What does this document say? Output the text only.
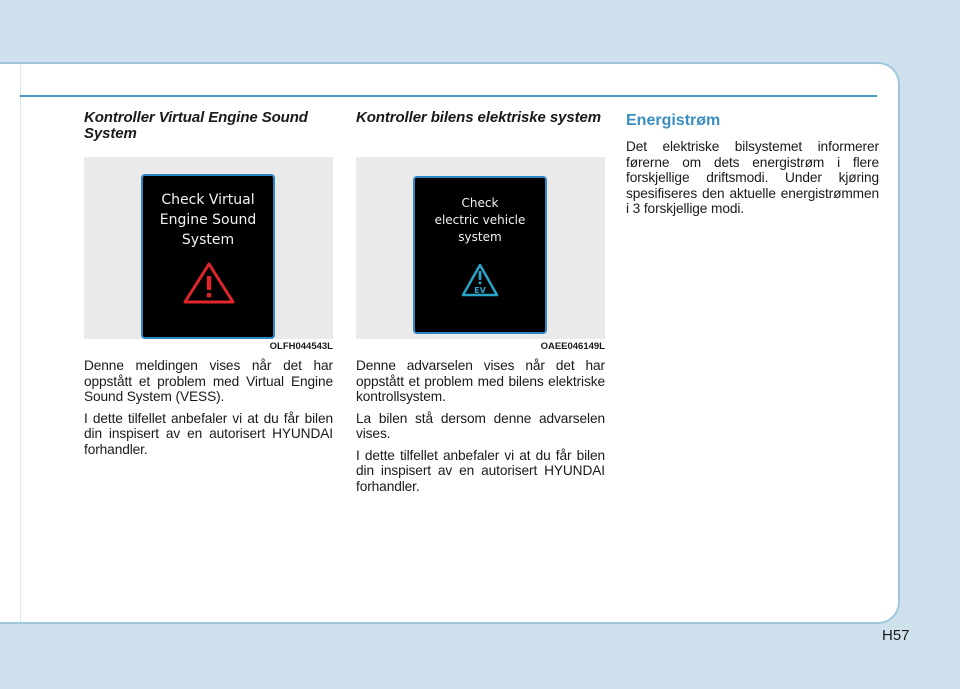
Kontroller Virtual Engine Sound System
Check Virtual
Engine Sound
System
OLFH044543L

Denne meldingen vises når det har oppstått et problem med Virtual Engine Sound System (VESS).

I dette tilfellet anbefaler vi at du får bilen din inspisert av en autorisert HYUNDAI forhandler.

Kontroller bilens elektriske system
Check
electric vehicle
system
EV
OAEE046149L

Denne advarselen vises når det har oppstått et problem med bilens elektriske kontrollsystem.

La bilen stå dersom denne advarselen vises.

I dette tilfellet anbefaler vi at du får bilen din inspisert av en autorisert HYUNDAI forhandler.

Energistrøm

Det elektriske bilsystemet informerer førerne om dets energistrøm i flere forskjellige driftsmodi. Under kjøring spesifiseres den aktuelle energistrømmen i 3 forskjellige modi.

H57
